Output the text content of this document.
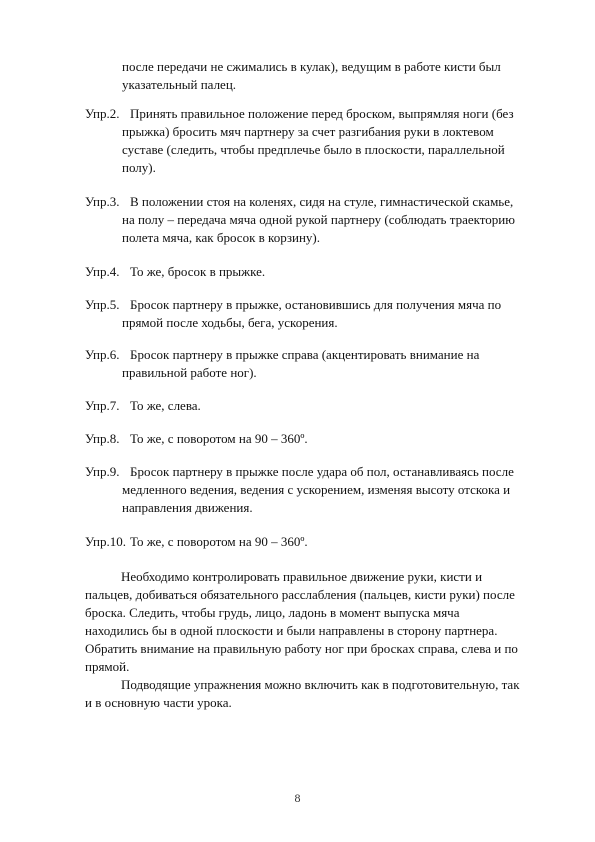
после передачи не сжимались в кулак), ведущим в работе кисти был
указательный палец.
Упр.2. Принять правильное положение перед броском, выпрямляя ноги (без
прыжка) бросить мяч партнеру за счет разгибания руки в локтевом
суставе (следить, чтобы предплечье было в плоскости, параллельной
полу).
Упр.3. В положении стоя на коленях, сидя на стуле, гимнастической скамье,
на полу – передача мяча одной рукой партнеру (соблюдать траекторию
полета мяча, как бросок в корзину).
Упр.4. То же, бросок в прыжке.
Упр.5. Бросок партнеру в прыжке, остановившись для получения мяча по
прямой после ходьбы, бега, ускорения.
Упр.6. Бросок партнеру в прыжке справа (акцентировать внимание на
правильной работе ног).
Упр.7. То же, слева.
Упр.8. То же, с поворотом на 90 – 360º.
Упр.9. Бросок партнеру в прыжке после удара об пол, останавливаясь после
медленного ведения, ведения с ускорением, изменяя высоту отскока и
направления движения.
Упр.10. То же, с поворотом на 90 – 360º.
Необходимо контролировать правильное движение руки, кисти и
пальцев, добиваться обязательного расслабления (пальцев, кисти руки) после
броска. Следить, чтобы грудь, лицо, ладонь в момент выпуска мяча
находились бы в одной плоскости и были направлены в сторону партнера.
Обратить внимание на правильную работу ног при бросках справа, слева и по
прямой.
Подводящие упражнения можно включить как в подготовительную, так
и в основную части урока.
8
